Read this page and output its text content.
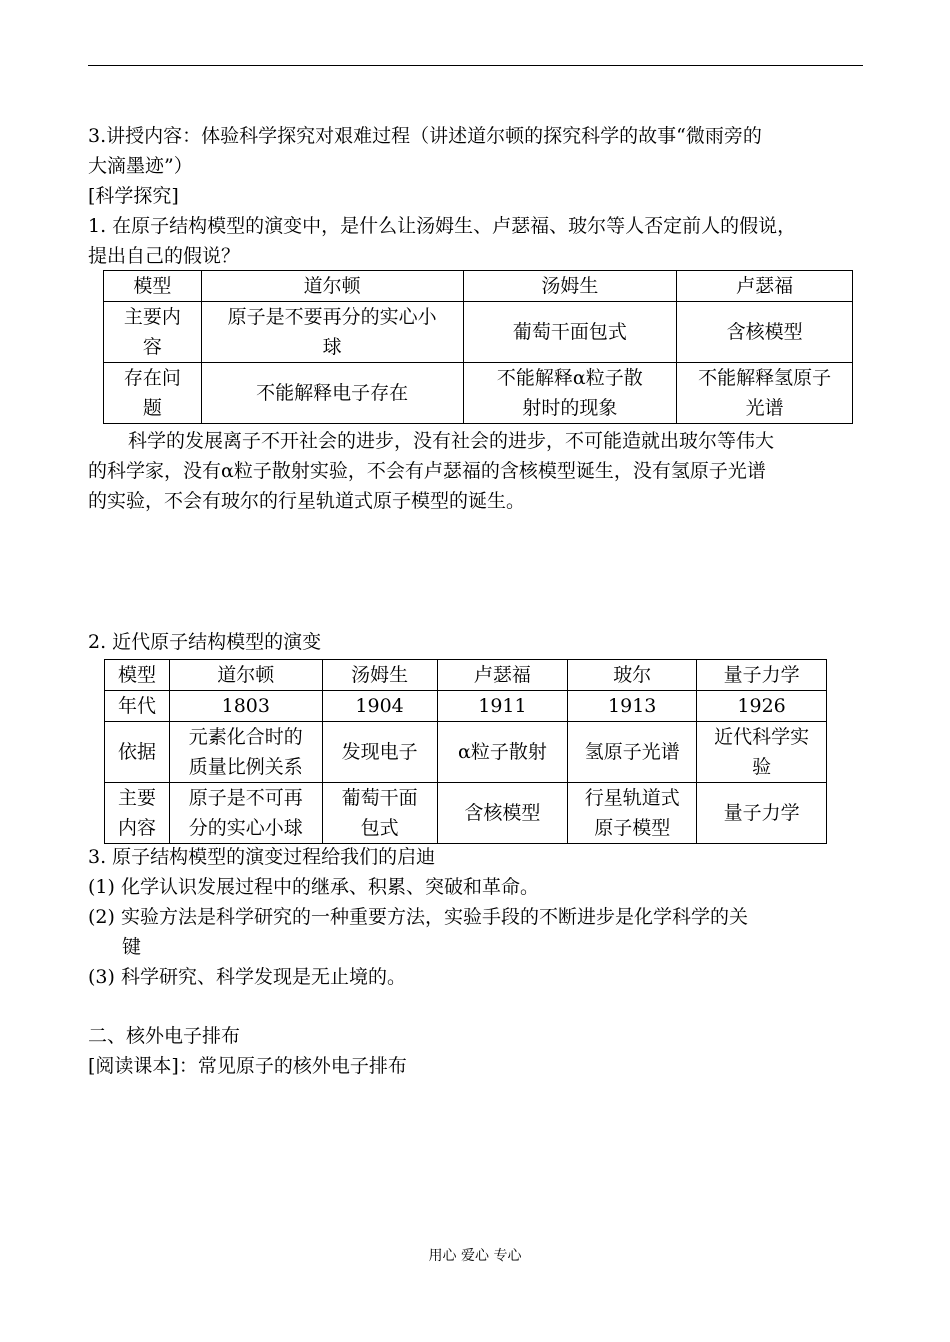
3.讲授内容：体验科学探究对艰难过程（讲述道尔顿的探究科学的故事“微雨旁的
大滴墨迹”）
[科学探究]
1. 在原子结构模型的演变中，是什么让汤姆生、卢瑟福、玻尔等人否定前人的假说，
提出自己的假说？
模型	道尔顿	汤姆生	卢瑟福
主要内
容	原子是不要再分的实心小
球	葡萄干面包式	含核模型
存在问
题	不能解释电子存在	不能解释α粒子散
射时的现象	不能解释氢原子
光谱
科学的发展离子不开社会的进步，没有社会的进步，不可能造就出玻尔等伟大
的科学家，没有α粒子散射实验，不会有卢瑟福的含核模型诞生，没有氢原子光谱
的实验，不会有玻尔的行星轨道式原子模型的诞生。
2. 近代原子结构模型的演变
模型	道尔顿	汤姆生	卢瑟福	玻尔	量子力学
年代	1803	1904	1911	1913	1926
依据	元素化合时的
质量比例关系	发现电子	α粒子散射	氢原子光谱	近代科学实
验
主要
内容	原子是不可再
分的实心小球	葡萄干面
包式	含核模型	行星轨道式
原子模型	量子力学
3. 原子结构模型的演变过程给我们的启迪
(1) 化学认识发展过程中的继承、积累、突破和革命。
(2) 实验方法是科学研究的一种重要方法，实验手段的不断进步是化学科学的关
键
(3) 科学研究、科学发现是无止境的。
二、核外电子排布
[阅读课本]：常见原子的核外电子排布
用心 爱心 专心
